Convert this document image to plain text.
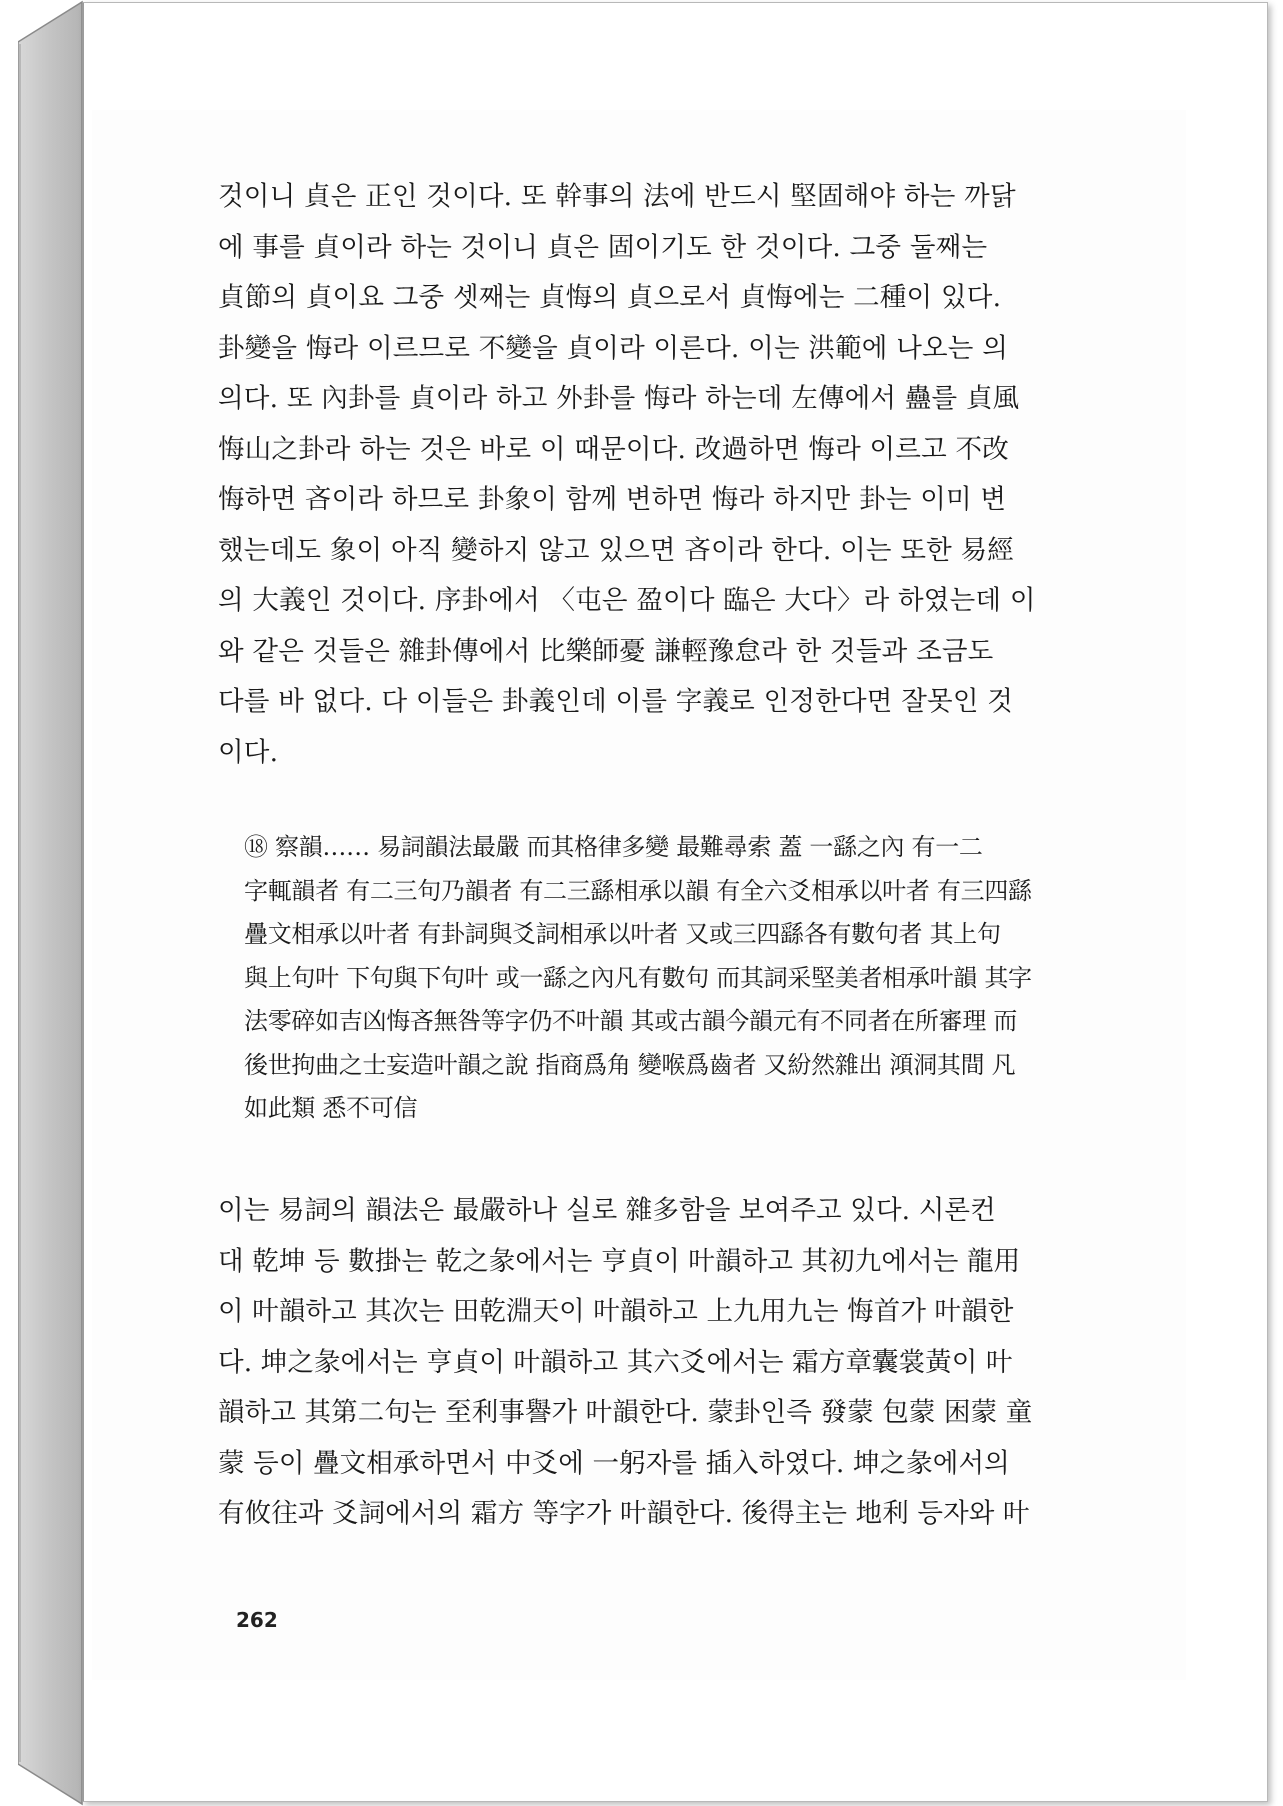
것이니 貞은 正인 것이다. 또 幹事의 法에 반드시 堅固해야 하는 까닭
에 事를 貞이라 하는 것이니 貞은 固이기도 한 것이다. 그중 둘째는
貞節의 貞이요 그중 셋째는 貞悔의 貞으로서 貞悔에는 二種이 있다.
卦變을 悔라 이르므로 不變을 貞이라 이른다. 이는 洪範에 나오는 의
의다. 또 內卦를 貞이라 하고 外卦를 悔라 하는데 左傳에서 蠱를 貞風
悔山之卦라 하는 것은 바로 이 때문이다. 改過하면 悔라 이르고 不改
悔하면 吝이라 하므로 卦象이 함께 변하면 悔라 하지만 卦는 이미 변
했는데도 象이 아직 變하지 않고 있으면 吝이라 한다. 이는 또한 易經
의 大義인 것이다. 序卦에서 〈屯은 盈이다 臨은 大다〉라 하였는데 이
와 같은 것들은 雜卦傳에서 比樂師憂 謙輕豫怠라 한 것들과 조금도
다를 바 없다. 다 이들은 卦義인데 이를 字義로 인정한다면 잘못인 것
이다.
⑱ 察韻…… 易詞韻法最嚴 而其格律多變 最難尋索 蓋 一繇之內 有一二
字輒韻者 有二三句乃韻者 有二三繇相承以韻 有全六爻相承以叶者 有三四繇
疊文相承以叶者 有卦詞與爻詞相承以叶者 又或三四繇各有數句者 其上句
與上句叶 下句與下句叶 或一繇之內凡有數句 而其詞采堅美者相承叶韻 其字
法零碎如吉凶悔吝無咎等字仍不叶韻 其或古韻今韻元有不同者在所審理 而
後世拘曲之士妄造叶韻之說 指商爲角 變喉爲齒者 又紛然雜出 澒洞其間 凡
如此類 悉不可信
이는 易詞의 韻法은 最嚴하나 실로 雜多함을 보여주고 있다. 시론컨
대 乾坤 등 數掛는 乾之彖에서는 亨貞이 叶韻하고 其初九에서는 龍用
이 叶韻하고 其次는 田乾淵天이 叶韻하고 上九用九는 悔首가 叶韻한
다. 坤之彖에서는 亨貞이 叶韻하고 其六爻에서는 霜方章囊裳黃이 叶
韻하고 其第二句는 至利事譽가 叶韻한다. 蒙卦인즉 發蒙 包蒙 困蒙 童
蒙 등이 疊文相承하면서 中爻에 一躬자를 插入하였다. 坤之彖에서의
有攸往과 爻詞에서의 霜方 等字가 叶韻한다. 後得主는 地利 등자와 叶
262
